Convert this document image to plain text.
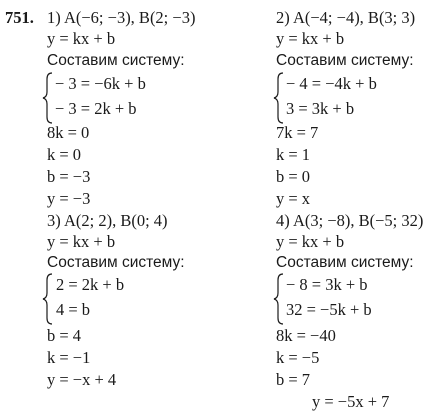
751. 1) A(−6; −3), B(2; −3)
y = kx + b
Составим систему:
− 3 = −6k + b
− 3 = 2k + b
8k = 0
k = 0
b = −3
y = −3
2) A(−4; −4), B(3; 3)
y = kx + b
Составим систему:
− 4 = −4k + b
3 = 3k + b
7k = 7
k = 1
b = 0
y = x
3) A(2; 2), B(0; 4)
y = kx + b
Составим систему:
2 = 2k + b
4 = b
b = 4
k = −1
y = −x + 4
4) A(3; −8), B(−5; 32)
y = kx + b
Составим систему:
− 8 = 3k + b
32 = −5k + b
8k = −40
k = −5
b = 7
y = −5x + 7
